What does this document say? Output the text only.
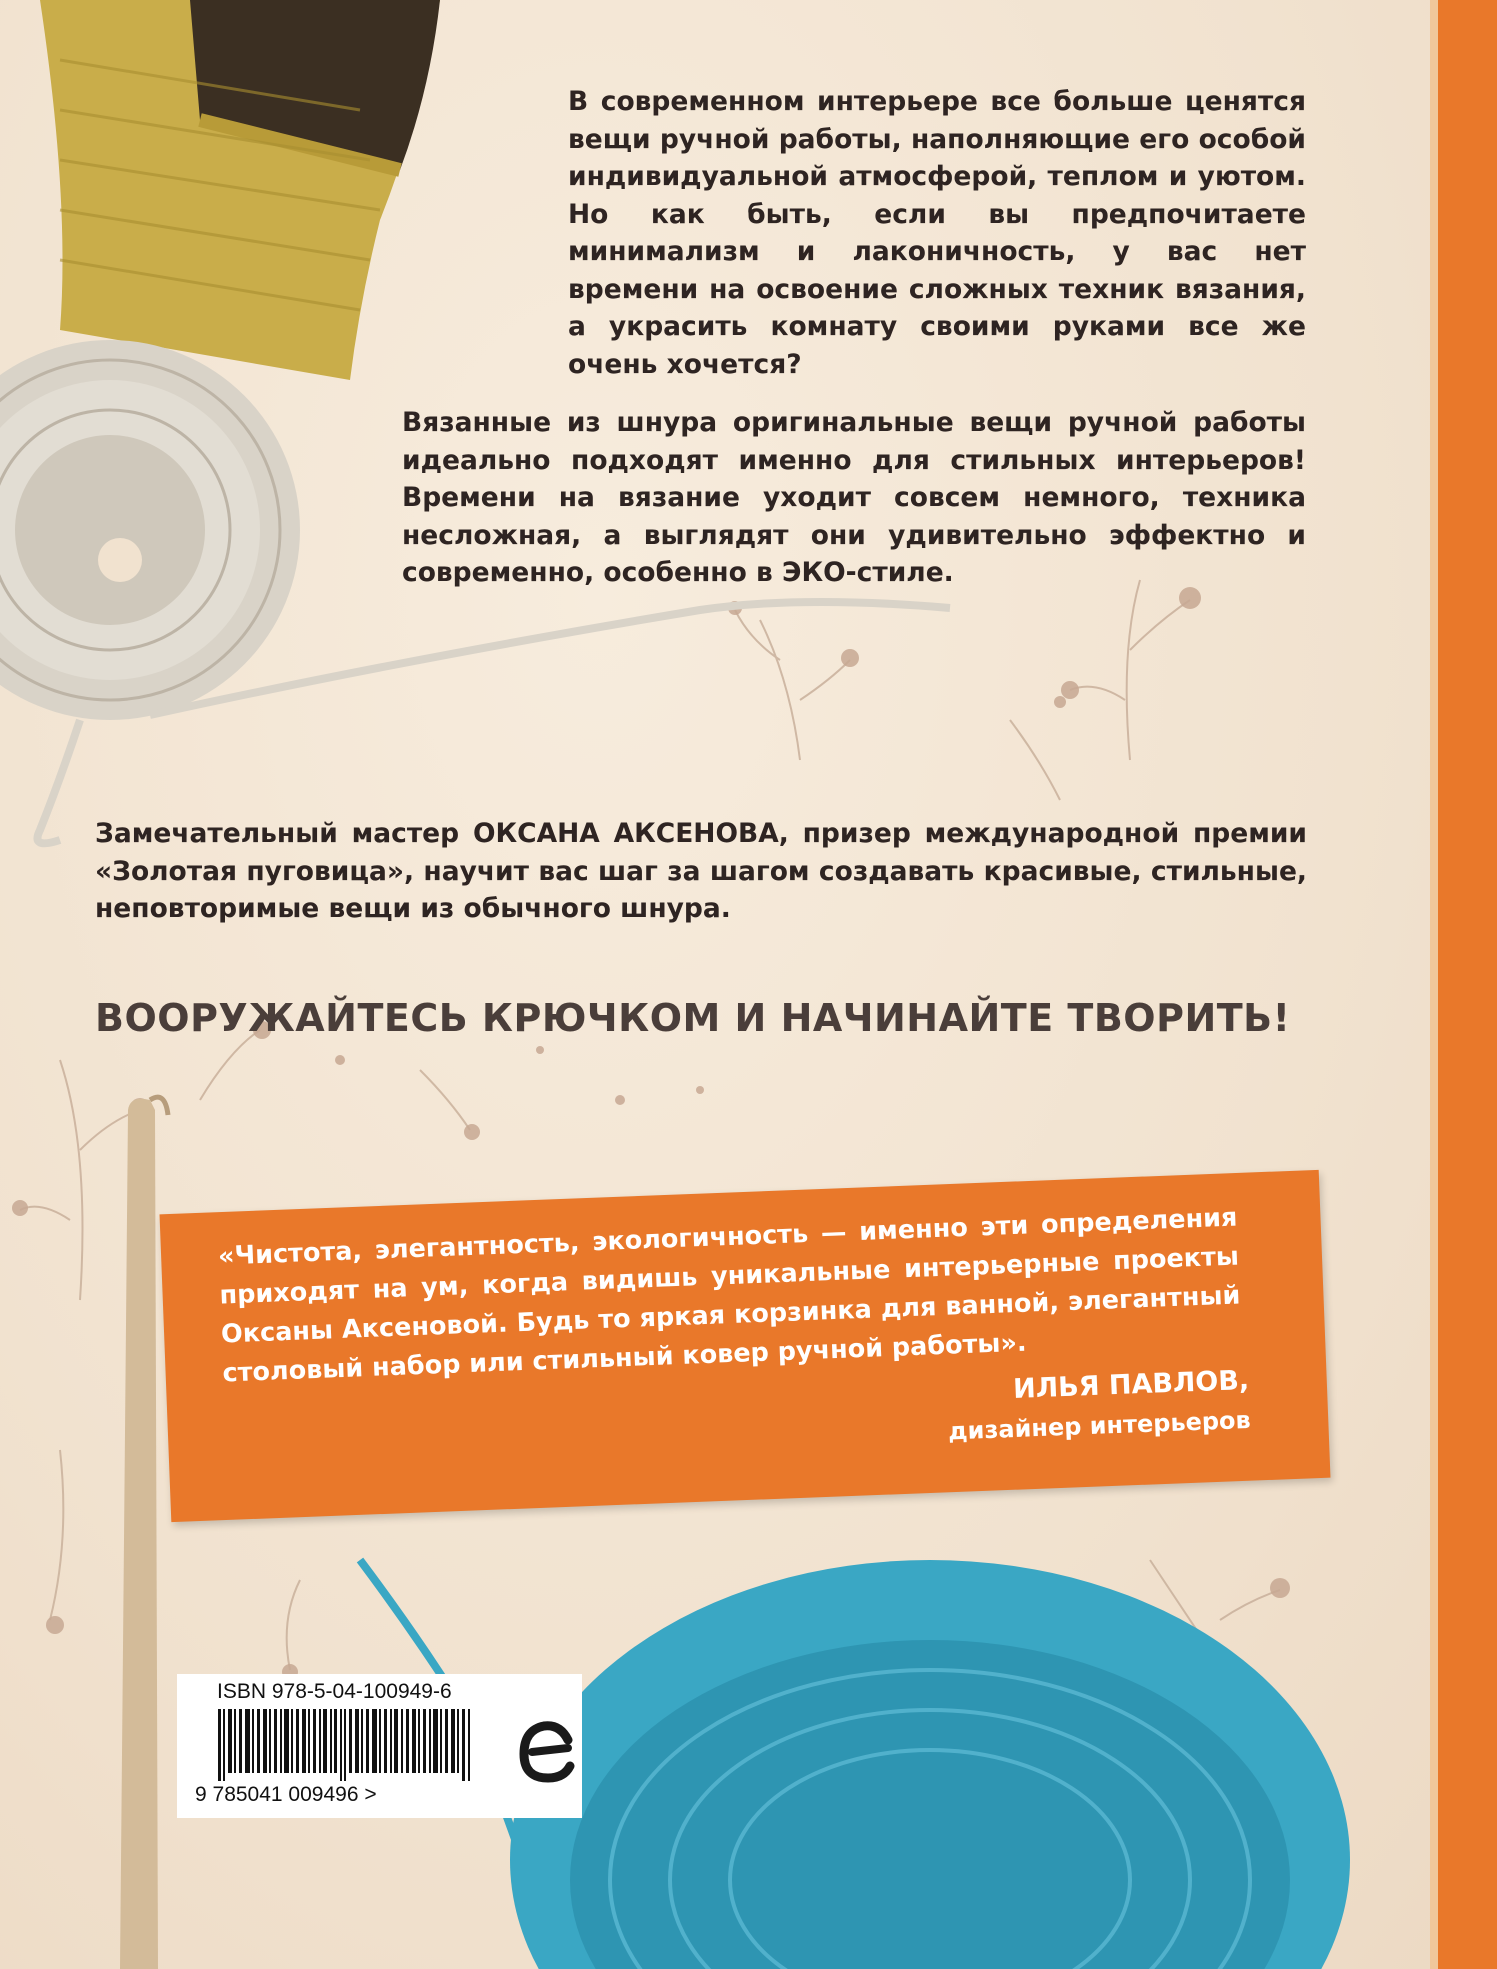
В современном интерьере все больше ценятся вещи ручной работы, наполняющие его особой индивидуальной атмосферой, теплом и уютом. Но как быть, если вы предпочитаете минимализм и лаконичность, у вас нет времени на освоение сложных техник вязания, а украсить комнату своими руками все же очень хочется?

Вязанные из шнура оригинальные вещи ручной работы идеально подходят именно для стильных интерьеров! Времени на вязание уходит совсем немного, техника несложная, а выглядят они удивительно эффектно и современно, особенно в ЭКО-стиле.

Замечательный мастер ОКСАНА АКСЕНОВА, призер международной премии «Золотая пуговица», научит вас шаг за шагом создавать красивые, стильные, неповторимые вещи из обычного шнура.

ВООРУЖАЙТЕСЬ КРЮЧКОМ И НАЧИНАЙТЕ ТВОРИТЬ!

«Чистота, элегантность, экологичность — именно эти определения приходят на ум, когда видишь уникальные интерьерные проекты Оксаны Аксеновой. Будь то яркая корзинка для ванной, элегантный столовый набор или стильный ковер ручной работы».

ИЛЬЯ ПАВЛОВ,
дизайнер интерьеров
ISBN 978-5-04-100949-6
9 785041 009496 >
